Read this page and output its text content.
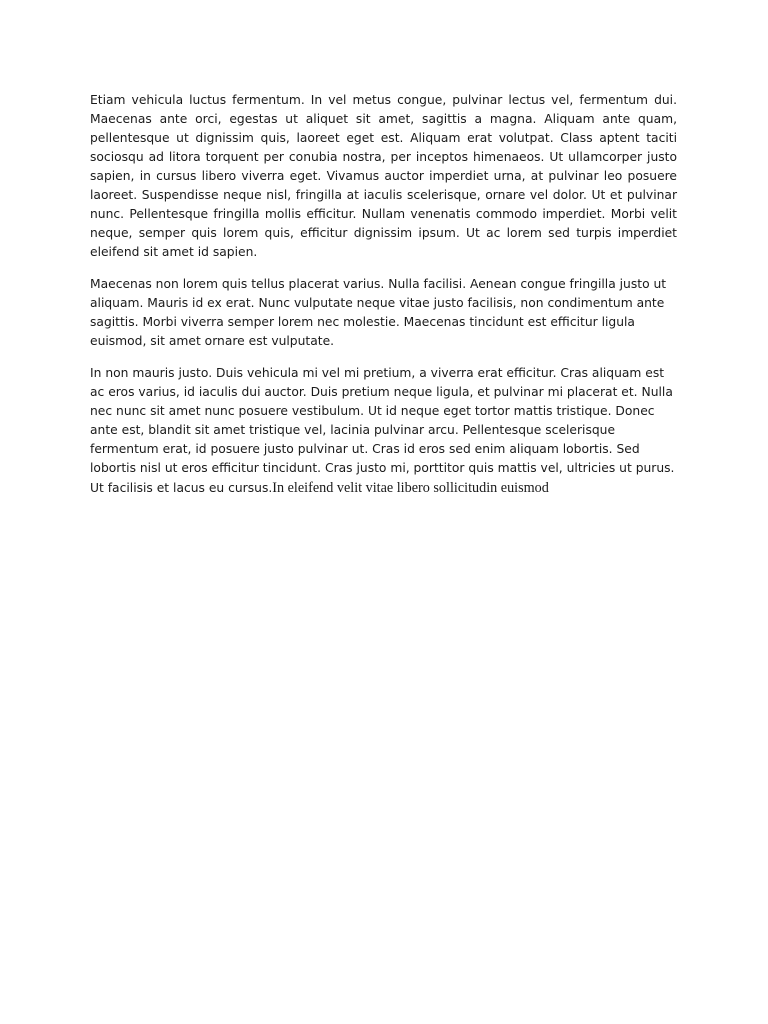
Etiam vehicula luctus fermentum. In vel metus congue, pulvinar lectus vel, fermentum dui. Maecenas ante orci, egestas ut aliquet sit amet, sagittis a magna. Aliquam ante quam, pellentesque ut dignissim quis, laoreet eget est. Aliquam erat volutpat. Class aptent taciti sociosqu ad litora torquent per conubia nostra, per inceptos himenaeos. Ut ullamcorper justo sapien, in cursus libero viverra eget. Vivamus auctor imperdiet urna, at pulvinar leo posuere laoreet. Suspendisse neque nisl, fringilla at iaculis scelerisque, ornare vel dolor. Ut et pulvinar nunc. Pellentesque fringilla mollis efficitur. Nullam venenatis commodo imperdiet. Morbi velit neque, semper quis lorem quis, efficitur dignissim ipsum. Ut ac lorem sed turpis imperdiet eleifend sit amet id sapien.

Maecenas non lorem quis tellus placerat varius. Nulla facilisi. Aenean congue fringilla justo ut aliquam. Mauris id ex erat. Nunc vulputate neque vitae justo facilisis, non condimentum ante sagittis. Morbi viverra semper lorem nec molestie. Maecenas tincidunt est efficitur ligula euismod, sit amet ornare est vulputate.

In non mauris justo. Duis vehicula mi vel mi pretium, a viverra erat efficitur. Cras aliquam est ac eros varius, id iaculis dui auctor. Duis pretium neque ligula, et pulvinar mi placerat et. Nulla nec nunc sit amet nunc posuere vestibulum. Ut id neque eget tortor mattis tristique. Donec ante est, blandit sit amet tristique vel, lacinia pulvinar arcu. Pellentesque scelerisque fermentum erat, id posuere justo pulvinar ut. Cras id eros sed enim aliquam lobortis. Sed lobortis nisl ut eros efficitur tincidunt. Cras justo mi, porttitor quis mattis vel, ultricies ut purus. Ut facilisis et lacus eu cursus.In eleifend velit vitae libero sollicitudin euismod
